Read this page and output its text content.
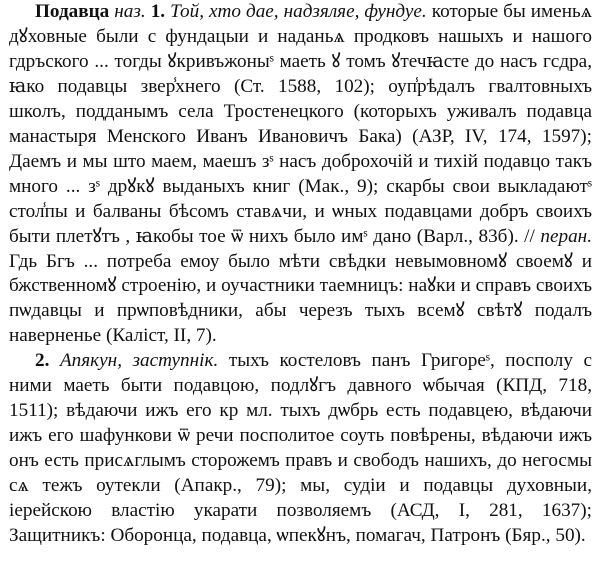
Подавца наз. 1. Той, хто дае, надзяляе, фундуе. которые бы именьѧ дꙋховные были с фундацыи и наданьѧ продковъ нашыхъ и нашого гдръского ... тогды ꙋкривъжоныˢ маеть ꙋ томъ ꙋтечꙗсте до насъ гсдра, ꙗко подавцы звер̾хнего (Ст. 1588, 102); оуп̾рѣдалъ гвалтовныхъ школъ, подданымъ села Тростенецкого (которыхъ уживалъ подавца манастыря Менского Иванъ Ивановичъ Бака) (АЗР, IV, 174, 1597); Даемъ и мы што маем, маешъ зˢ насъ доброхочій и тихій подавцо такъ много ... зˢ дрꙋкꙋ выданыхъ книг (Мак., 9); скарбы свои выкладаютˢ стол̾пы и балваны бѣсомъ ставѧчи, и ѡных подавцами добръ своихъ быти плетꙋтъ , ꙗкобы тое ѿ нихъ было имˢ дано (Варл., 83б). // перан. Гдь Бгъ ... потреба емоу было мѣти свѣдки невымовномꙋ своемꙋ и бжственномꙋ строенію, и оучастники таемницъ: наꙋки и справъ своихъ пѡдавцы и прѡповѣдники, абы черезъ тыхъ всемꙋ свѣтꙋ подалъ наверненье (Каліст, II, 7).

2. Апякун, заступнік. тыхъ костеловъ панъ Григореˢ, посполу с ними маеть быти подавцою, подлꙋгъ давного ѡбычая (КПД, 718, 1511); вѣдаючи ижъ его кр мл. тыхъ дѡбрь есть подавцею, вѣдаючи ижъ его шафункови ѿ речи посполитое соуть повѣрены, вѣдаючи ижъ онъ есть присѧглымъ сторожемъ правъ и свободъ нашихъ, до негосмы сѧ тежъ оутекли (Апакр., 79); мы, судіи и подавцы духовныи, іерейскою властію укарати позволяемъ (АСД, I, 281, 1637); Защитникъ: Оборонца, подавца, ѡпекꙋнъ, помагач, Патронъ (Бяр., 50).
